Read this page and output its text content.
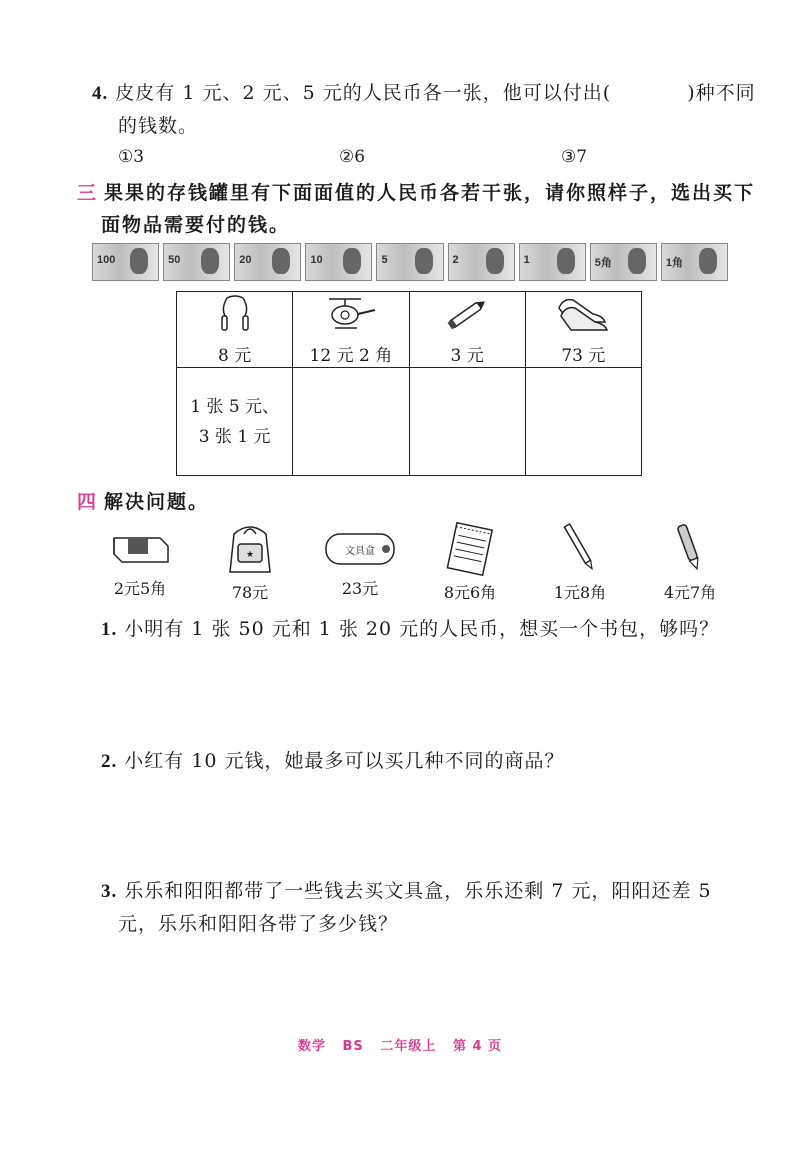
4. 皮皮有 1 元、2 元、5 元的人民币各一张，他可以付出(	)种不同
的钱数。
①3	②6	③7
三 果果的存钱罐里有下面面值的人民币各若干张，请你照样子，选出买下
面物品需要付的钱。
100	50	20	10	5	2	1	5角	1角
8 元	12 元 2 角	3 元	73 元

1 张 5 元、
3 张 1 元			

四 解决问题。
2元5角
★
78元
文具盒
23元	8元6角	1元8角	4元7角
1. 小明有 1 张 50 元和 1 张 20 元的人民币，想买一个书包，够吗？
2. 小红有 10 元钱，她最多可以买几种不同的商品？
3. 乐乐和阳阳都带了一些钱去买文具盒，乐乐还剩 7 元，阳阳还差 5
元，乐乐和阳阳各带了多少钱？
数学   BS   二年级上   第 4 页
